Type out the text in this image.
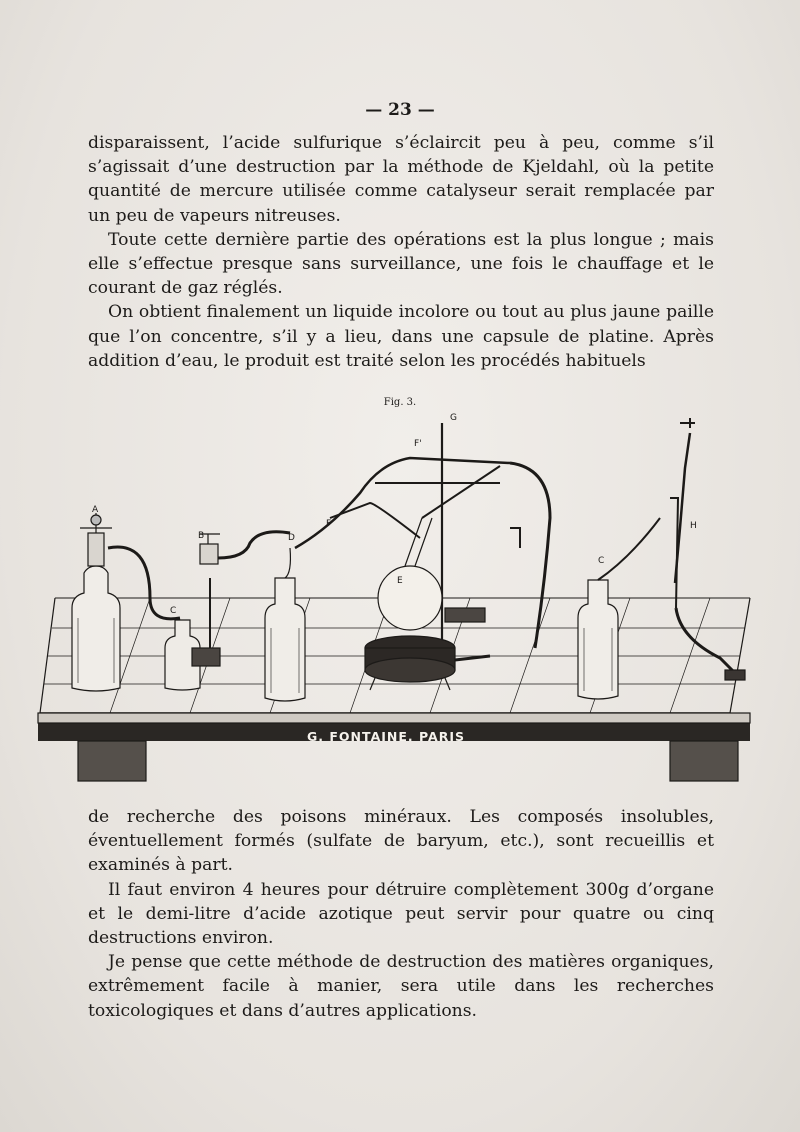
— 23 —

disparaissent, l’acide sulfurique s’éclaircit peu à peu, comme s’il s’agissait d’une destruction par la méthode de Kjeldahl, où la petite quantité de mercure utilisée comme catalyseur serait remplacée par un peu de vapeurs nitreuses.

Toute cette dernière partie des opérations est la plus longue ; mais elle s’effectue presque sans surveillance, une fois le chauffage et le courant de gaz réglés.

On obtient finalement un liquide incolore ou tout au plus jaune paille que l’on concentre, s’il y a lieu, dans une capsule de platine. Après addition d’eau, le produit est traité selon les procédés habituels

Fig. 3.
A
B
C
D
E
F
F'
G
C
H
G. FONTAINE. PARIS

de recherche des poisons minéraux. Les composés insolubles, éventuellement formés (sulfate de baryum, etc.), sont recueillis et examinés à part.

Il faut environ 4 heures pour détruire complètement 300g d’organe et le demi-litre d’acide azotique peut servir pour quatre ou cinq destructions environ.

Je pense que cette méthode de destruction des matières organiques, extrêmement facile à manier, sera utile dans les recherches toxicologiques et dans d’autres applications.
